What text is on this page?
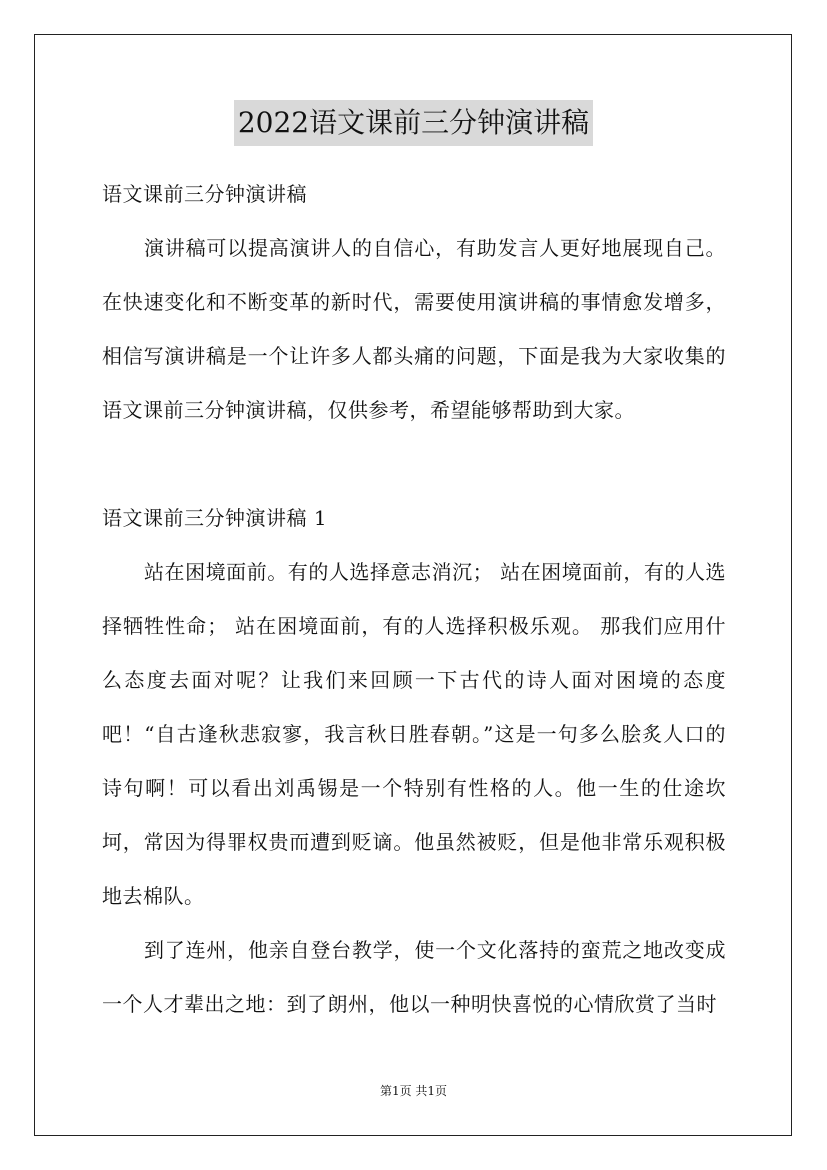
2022语文课前三分钟演讲稿

语文课前三分钟演讲稿

演讲稿可以提高演讲人的自信心，有助发言人更好地展现自己。在快速变化和不断变革的新时代，需要使用演讲稿的事情愈发增多，相信写演讲稿是一个让许多人都头痛的问题，下面是我为大家收集的语文课前三分钟演讲稿，仅供参考，希望能够帮助到大家。

语文课前三分钟演讲稿 1

站在困境面前。有的人选择意志消沉； 站在困境面前，有的人选择牺牲性命； 站在困境面前，有的人选择积极乐观。 那我们应用什么态度去面对呢？让我们来回顾一下古代的诗人面对困境的态度吧！“自古逢秋悲寂寥，我言秋日胜春朝。”这是一句多么脍炙人口的诗句啊！可以看出刘禹锡是一个特别有性格的人。他一生的仕途坎坷，常因为得罪权贵而遭到贬谪。他虽然被贬，但是他非常乐观积极地去棉队。

到了连州，他亲自登台教学，使一个文化落持的蛮荒之地改变成一个人才辈出之地：到了朗州，他以一种明快喜悦的心情欣赏了当时

第1页 共1页
